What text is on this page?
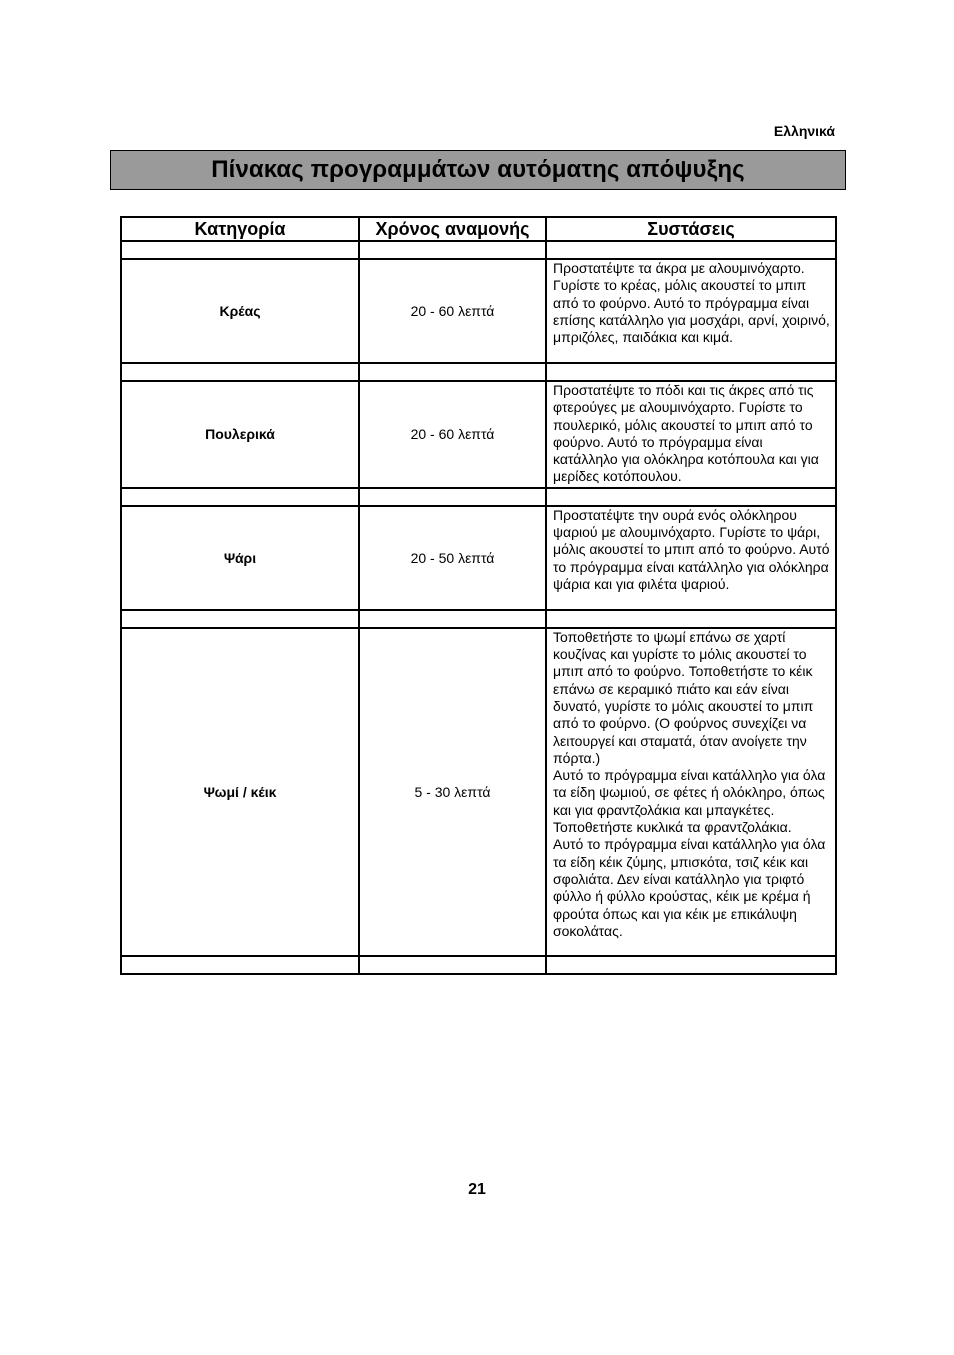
Ελληνικά
Πίνακας προγραμμάτων αυτόματης απόψυξης
Κατηγορία	Χρόνος αναμονής	Συστάσεις

Κρέας	20 - 60 λεπτά	Προστατέψτε τα άκρα με αλουμινόχαρτο. Γυρίστε το κρέας, μόλις ακουστεί το μπιπ από το φούρνο. Αυτό το πρόγραμμα είναι επίσης κατάλληλο για μοσχάρι, αρνί, χοιρινό, μπριζόλες, παιδάκια και κιμά.

Πουλερικά	20 - 60 λεπτά	Προστατέψτε το πόδι και τις άκρες από τις φτερούγες με αλουμινόχαρτο. Γυρίστε το πουλερικό, μόλις ακουστεί το μπιπ από το φούρνο. Αυτό το πρόγραμμα είναι κατάλληλο για ολόκληρα κοτόπουλα και για μερίδες κοτόπουλου.

Ψάρι	20 - 50 λεπτά	Προστατέψτε την ουρά ενός ολόκληρου ψαριού με αλουμινόχαρτο. Γυρίστε το ψάρι, μόλις ακουστεί το μπιπ από το φούρνο. Αυτό το πρόγραμμα είναι κατάλληλο για ολόκληρα ψάρια και για φιλέτα ψαριού.

Ψωμί / κέικ	5 - 30 λεπτά	Τοποθετήστε το ψωμί επάνω σε χαρτί κουζίνας και γυρίστε το μόλις ακουστεί το μπιπ από το φούρνο. Τοποθετήστε το κέικ επάνω σε κεραμικό πιάτο και εάν είναι δυνατό, γυρίστε το μόλις ακουστεί το μπιπ από το φούρνο. (Ο φούρνος συνεχίζει να λειτουργεί και σταματά, όταν ανοίγετε την πόρτα.)

Αυτό το πρόγραμμα είναι κατάλληλο για όλα τα είδη ψωμιού, σε φέτες ή ολόκληρο, όπως και για φραντζολάκια και μπαγκέτες. Τοποθετήστε κυκλικά τα φραντζολάκια.

Αυτό το πρόγραμμα είναι κατάλληλο για όλα τα είδη κέικ ζύμης, μπισκότα, τσιζ κέικ και σφολιάτα. Δεν είναι κατάλληλο για τριφτό φύλλο ή φύλλο κρούστας, κέικ με κρέμα ή φρούτα όπως και για κέικ με επικάλυψη σοκολάτας.

21
